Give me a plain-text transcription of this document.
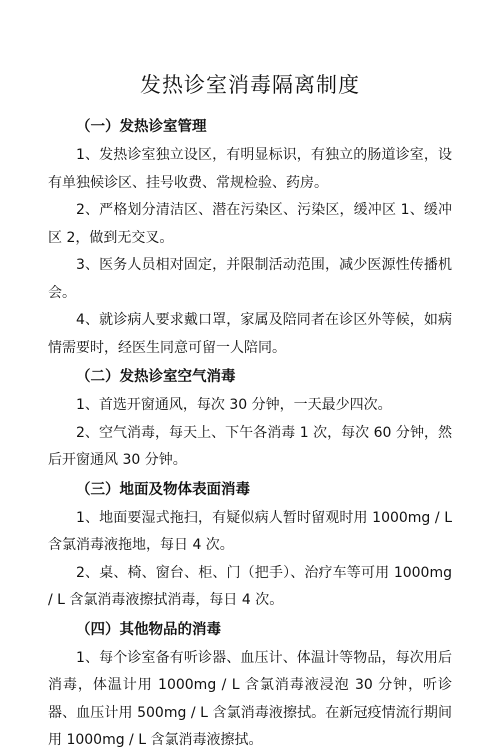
发热诊室消毒隔离制度
（一）发热诊室管理

1、发热诊室独立设区，有明显标识，有独立的肠道诊室，设有单独候诊区、挂号收费、常规检验、药房。

2、严格划分清洁区、潜在污染区、污染区，缓冲区 1、缓冲区 2，做到无交叉。

3、医务人员相对固定，并限制活动范围，减少医源性传播机会。

4、就诊病人要求戴口罩，家属及陪同者在诊区外等候，如病情需要时，经医生同意可留一人陪同。

（二）发热诊室空气消毒

1、首选开窗通风，每次 30 分钟，一天最少四次。

2、空气消毒，每天上、下午各消毒 1 次，每次 60 分钟，然后开窗通风 30 分钟。

（三）地面及物体表面消毒

1、地面要湿式拖扫，有疑似病人暂时留观时用 1000mg / L 含氯消毒液拖地，每日 4 次。

2、桌、椅、窗台、柜、门（把手）、治疗车等可用 1000mg / L 含氯消毒液擦拭消毒，每日 4 次。

（四）其他物品的消毒

1、每个诊室备有听诊器、血压计、体温计等物品，每次用后消毒，体温计用 1000mg / L 含氯消毒液浸泡 30 分钟，听诊器、血压计用 500mg / L 含氯消毒液擦拭。在新冠疫情流行期间用 1000mg / L 含氯消毒液擦拭。
